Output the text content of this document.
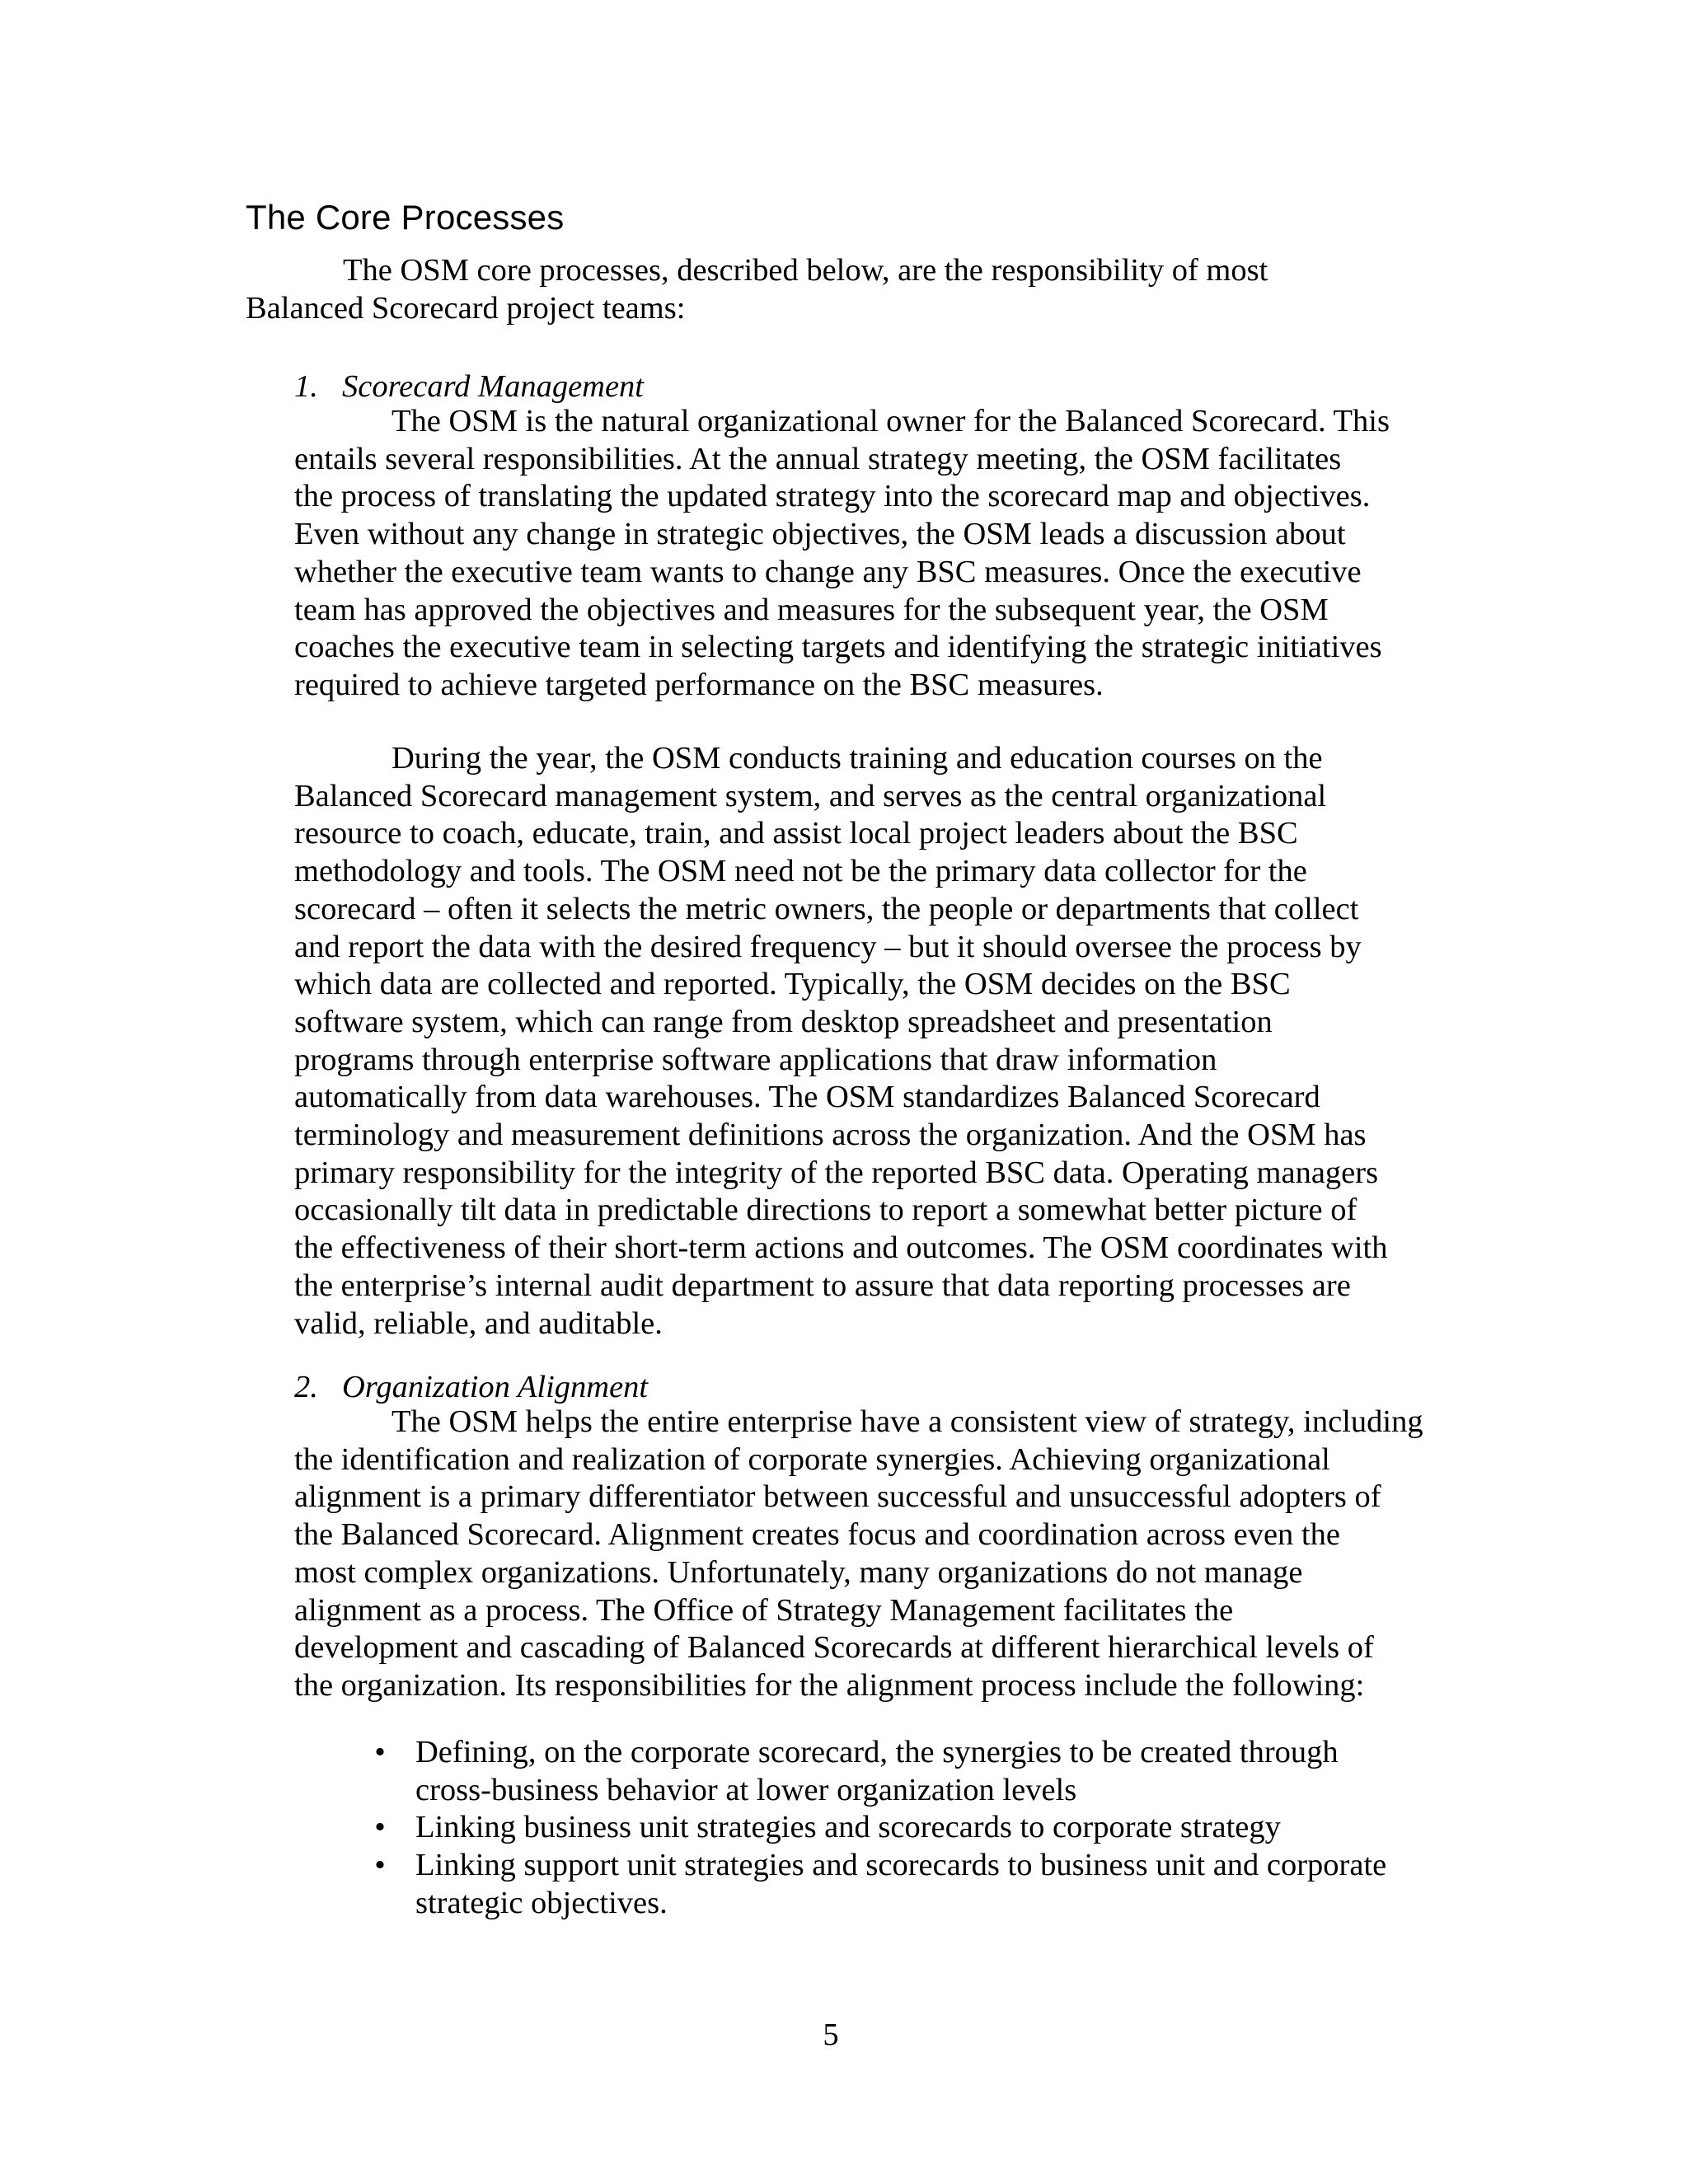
The Core Processes

The OSM core processes, described below, are the responsibility of most
Balanced Scorecard project teams:

1. Scorecard Management

The OSM is the natural organizational owner for the Balanced Scorecard. This
entails several responsibilities. At the annual strategy meeting, the OSM facilitates
the process of translating the updated strategy into the scorecard map and objectives.
Even without any change in strategic objectives, the OSM leads a discussion about
whether the executive team wants to change any BSC measures. Once the executive
team has approved the objectives and measures for the subsequent year, the OSM
coaches the executive team in selecting targets and identifying the strategic initiatives
required to achieve targeted performance on the BSC measures.

During the year, the OSM conducts training and education courses on the
Balanced Scorecard management system, and serves as the central organizational
resource to coach, educate, train, and assist local project leaders about the BSC
methodology and tools. The OSM need not be the primary data collector for the
scorecard – often it selects the metric owners, the people or departments that collect
and report the data with the desired frequency – but it should oversee the process by
which data are collected and reported. Typically, the OSM decides on the BSC
software system, which can range from desktop spreadsheet and presentation
programs through enterprise software applications that draw information
automatically from data warehouses. The OSM standardizes Balanced Scorecard
terminology and measurement definitions across the organization. And the OSM has
primary responsibility for the integrity of the reported BSC data. Operating managers
occasionally tilt data in predictable directions to report a somewhat better picture of
the effectiveness of their short-term actions and outcomes. The OSM coordinates with
the enterprise’s internal audit department to assure that data reporting processes are
valid, reliable, and auditable.

2. Organization Alignment

The OSM helps the entire enterprise have a consistent view of strategy, including
the identification and realization of corporate synergies. Achieving organizational
alignment is a primary differentiator between successful and unsuccessful adopters of
the Balanced Scorecard. Alignment creates focus and coordination across even the
most complex organizations. Unfortunately, many organizations do not manage
alignment as a process. The Office of Strategy Management facilitates the
development and cascading of Balanced Scorecards at different hierarchical levels of
the organization. Its responsibilities for the alignment process include the following:

• Defining, on the corporate scorecard, the synergies to be created through
cross-business behavior at lower organization levels
• Linking business unit strategies and scorecards to corporate strategy
• Linking support unit strategies and scorecards to business unit and corporate
strategic objectives.

5
